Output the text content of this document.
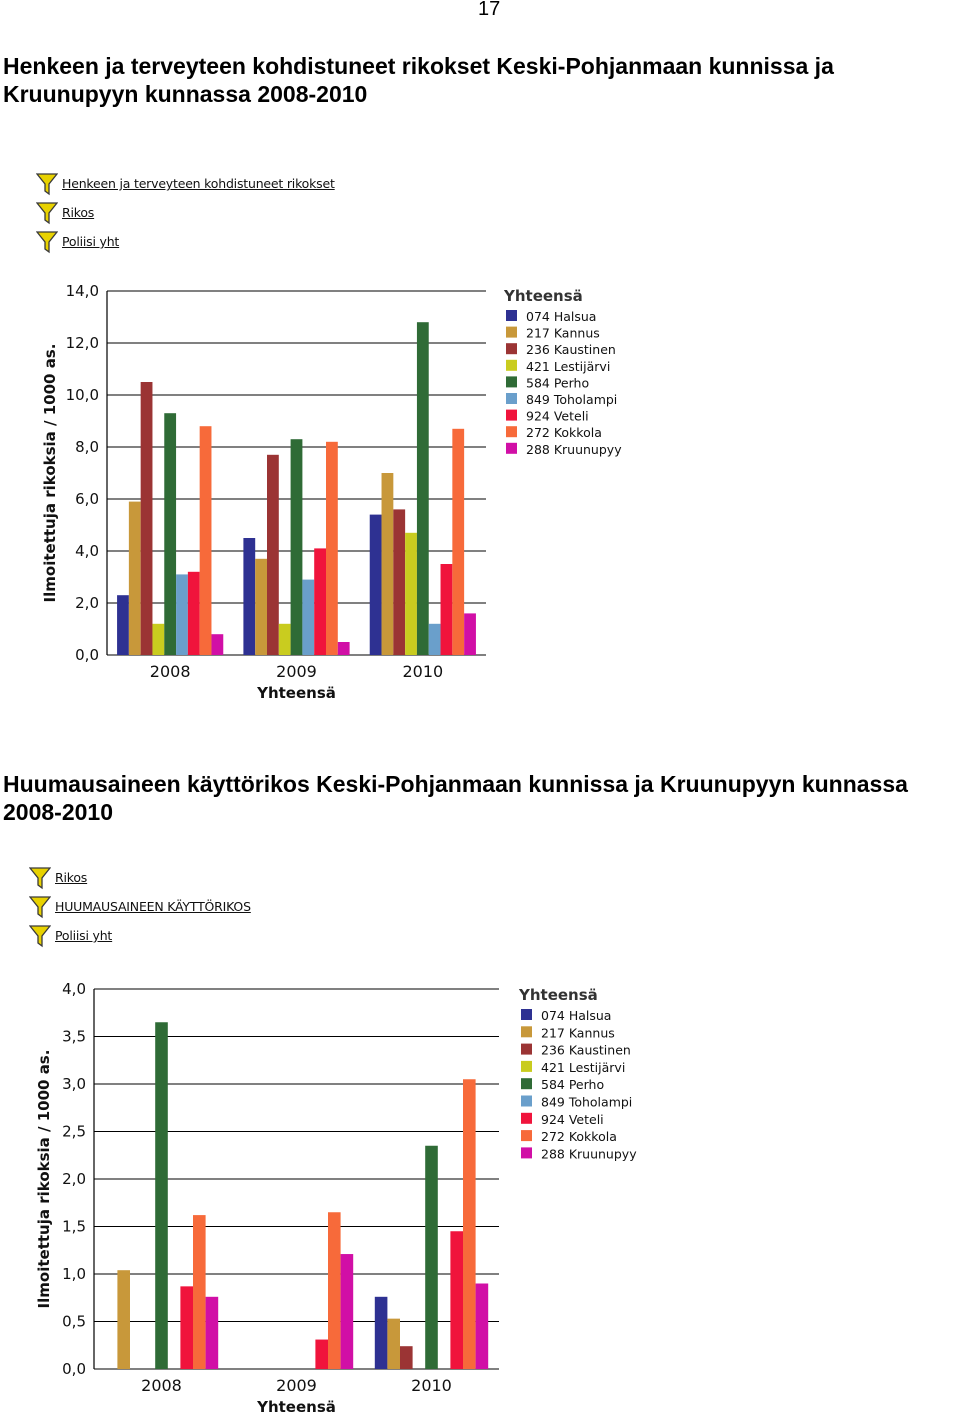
17
Henkeen ja terveyteen kohdistuneet rikokset Keski-Pohjanmaan kunnissa ja Kruunupyyn kunnassa 2008-2010
Henkeen ja terveyteen kohdistuneet rikokset
Rikos
Poliisi yht
0,0
2,0
4,0
6,0
8,0
10,0
12,0
14,0
Ilmoitettuja rikoksia / 1000 as.
2008	2009	2010
Yhteensä
Yhteensä
074 Halsua
217 Kannus
236 Kaustinen
421 Lestijärvi
584 Perho
849 Toholampi
924 Veteli
272 Kokkola
288 Kruunupyy
Huumausaineen käyttörikos Keski-Pohjanmaan kunnissa ja Kruunupyyn kunnassa 2008-2010
Rikos
HUUMAUSAINEEN KÄYTTÖRIKOS
Poliisi yht
0,0
0,5
1,0
1,5
2,0
2,5
3,0
3,5
4,0
Ilmoitettuja rikoksia / 1000 as.
2008	2009	2010
Yhteensä
Yhteensä
074 Halsua
217 Kannus
236 Kaustinen
421 Lestijärvi
584 Perho
849 Toholampi
924 Veteli
272 Kokkola
288 Kruunupyy
